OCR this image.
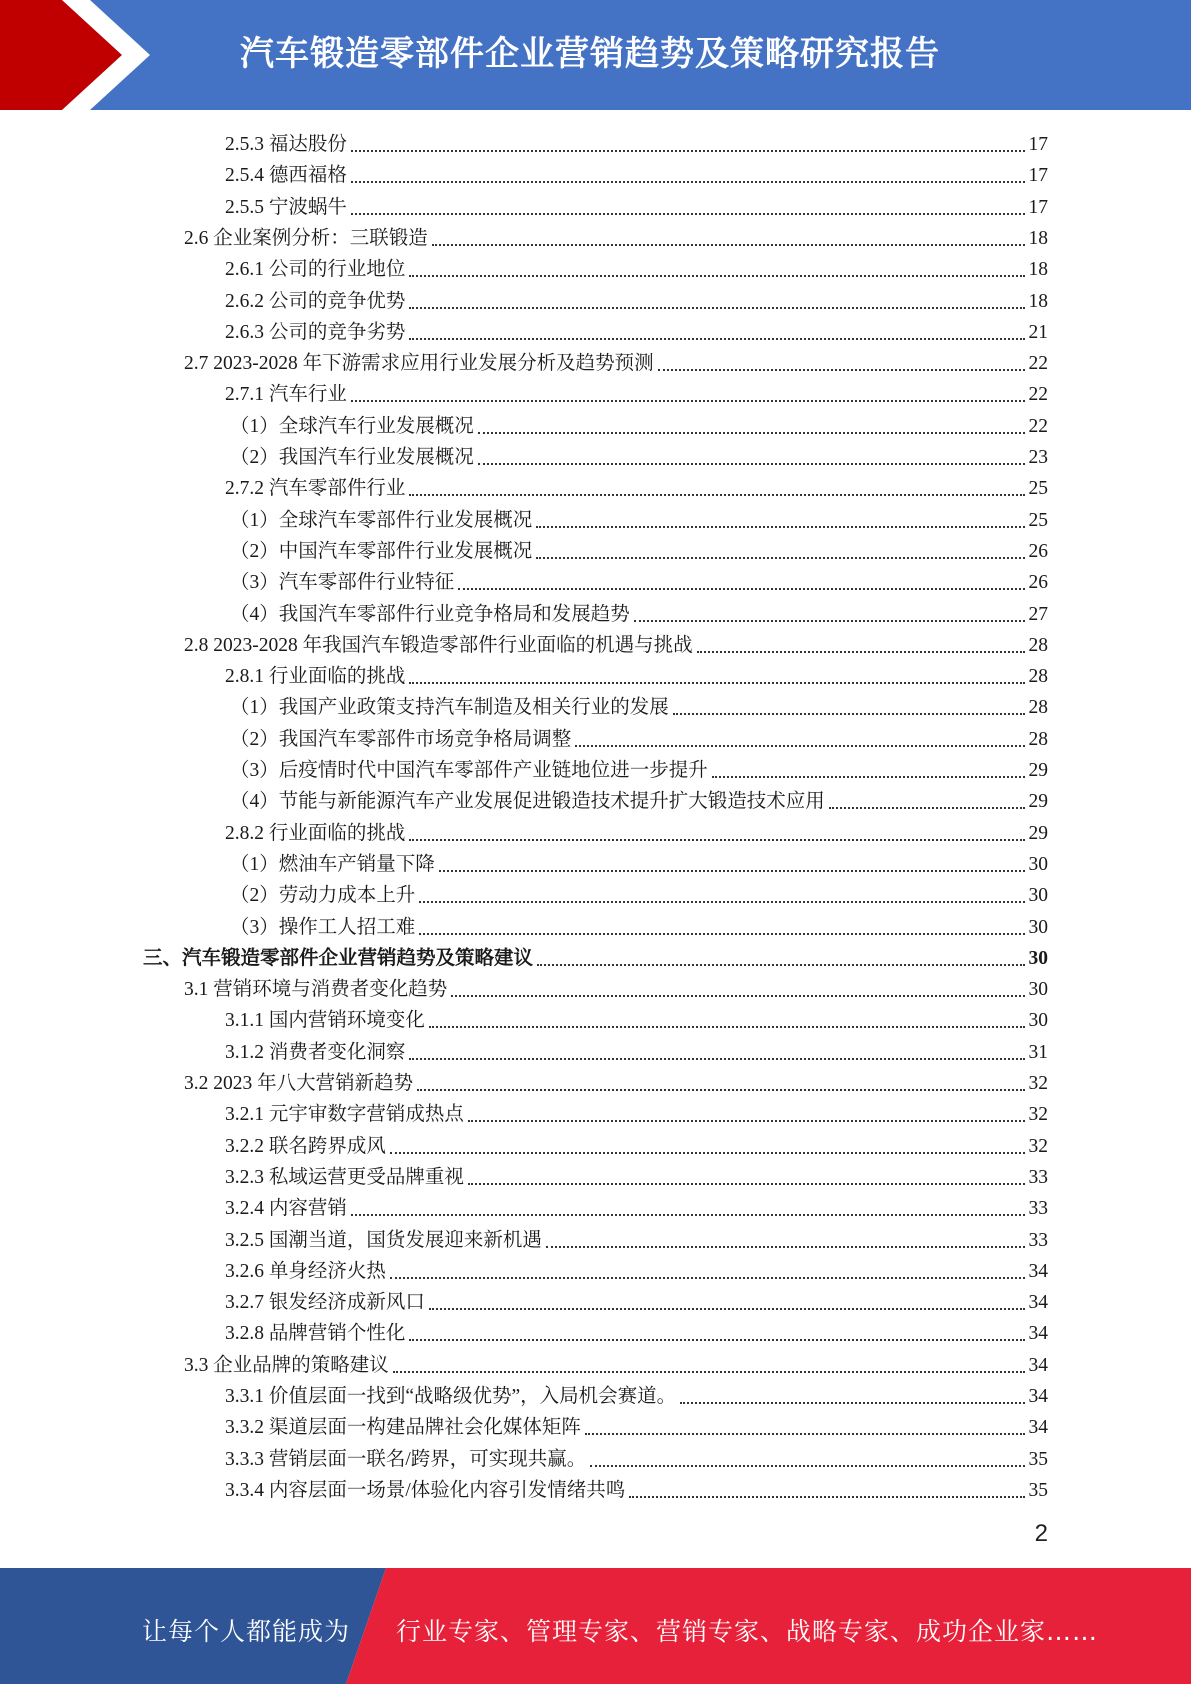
汽车锻造零部件企业营销趋势及策略研究报告
2.5.3 福达股份	17
2.5.4 德西福格	17
2.5.5 宁波蜗牛	17
2.6 企业案例分析：三联锻造	18
2.6.1 公司的行业地位	18
2.6.2 公司的竞争优势	18
2.6.3 公司的竞争劣势	21
2.7 2023-2028 年下游需求应用行业发展分析及趋势预测	22
2.7.1 汽车行业	22
（1）全球汽车行业发展概况	22
（2）我国汽车行业发展概况	23
2.7.2 汽车零部件行业	25
（1）全球汽车零部件行业发展概况	25
（2）中国汽车零部件行业发展概况	26
（3）汽车零部件行业特征	26
（4）我国汽车零部件行业竞争格局和发展趋势	27
2.8 2023-2028 年我国汽车锻造零部件行业面临的机遇与挑战	28
2.8.1 行业面临的挑战	28
（1）我国产业政策支持汽车制造及相关行业的发展	28
（2）我国汽车零部件市场竞争格局调整	28
（3）后疫情时代中国汽车零部件产业链地位进一步提升	29
（4）节能与新能源汽车产业发展促进锻造技术提升扩大锻造技术应用	29
2.8.2 行业面临的挑战	29
（1）燃油车产销量下降	30
（2）劳动力成本上升	30
（3）操作工人招工难	30
三、汽车锻造零部件企业营销趋势及策略建议	30
3.1 营销环境与消费者变化趋势	30
3.1.1 国内营销环境变化	30
3.1.2 消费者变化洞察	31
3.2 2023 年八大营销新趋势	32
3.2.1 元宇审数字营销成热点	32
3.2.2 联名跨界成风	32
3.2.3 私域运营更受品牌重视	33
3.2.4 内容营销	33
3.2.5 国潮当道，国货发展迎来新机遇	33
3.2.6 单身经济火热	34
3.2.7 银发经济成新风口	34
3.2.8 品牌营销个性化	34
3.3 企业品牌的策略建议	34
3.3.1 价值层面一找到“战略级优势”，入局机会赛道。	34
3.3.2 渠道层面一构建品牌社会化媒体矩阵	34
3.3.3 营销层面一联名/跨界，可实现共赢。	35
3.3.4 内容层面一场景/体验化内容引发情绪共鸣	35
2
让每个人都能成为 行业专家、管理专家、营销专家、战略专家、成功企业家……
